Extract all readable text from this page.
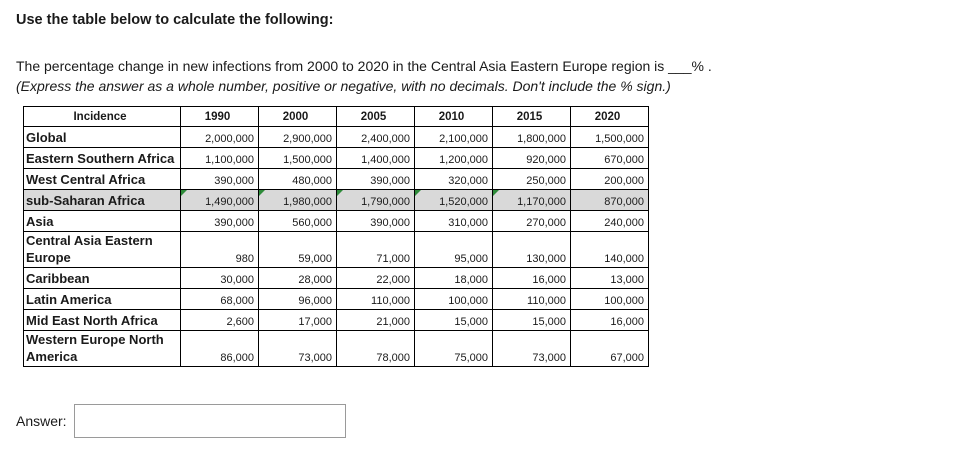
Use the table below to calculate the following:
The percentage change in new infections from 2000 to 2020 in the Central Asia Eastern Europe region is ___% .
(Express the answer as a whole number, positive or negative, with no decimals. Don't include the % sign.)
Incidence	1990	2000	2005	2010	2015	2020
Global	2,000,000	2,900,000	2,400,000	2,100,000	1,800,000	1,500,000
Eastern Southern Africa	1,100,000	1,500,000	1,400,000	1,200,000	920,000	670,000
West Central Africa	390,000	480,000	390,000	320,000	250,000	200,000
sub-Saharan Africa	1,490,000	1,980,000	1,790,000	1,520,000	1,170,000	870,000
Asia	390,000	560,000	390,000	310,000	270,000	240,000
Central Asia Eastern Europe	980	59,000	71,000	95,000	130,000	140,000
Caribbean	30,000	28,000	22,000	18,000	16,000	13,000
Latin America	68,000	96,000	110,000	100,000	110,000	100,000
Mid East North Africa	2,600	17,000	21,000	15,000	15,000	16,000
Western Europe North America	86,000	73,000	78,000	75,000	73,000	67,000
Answer:
